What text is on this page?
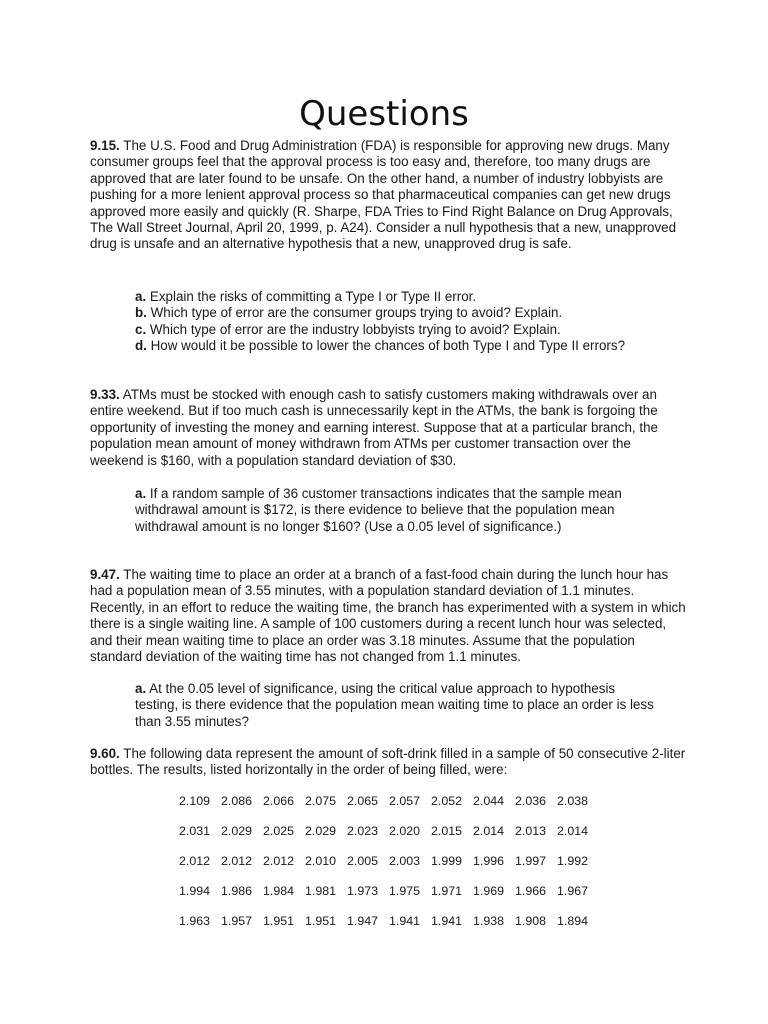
Questions

9.15. The U.S. Food and Drug Administration (FDA) is responsible for approving new drugs. Many consumer groups feel that the approval process is too easy and, therefore, too many drugs are approved that are later found to be unsafe. On the other hand, a number of industry lobbyists are pushing for a more lenient approval process so that pharmaceutical companies can get new drugs approved more easily and quickly (R. Sharpe, FDA Tries to Find Right Balance on Drug Approvals, The Wall Street Journal, April 20, 1999, p. A24). Consider a null hypothesis that a new, unapproved drug is unsafe and an alternative hypothesis that a new, unapproved drug is safe.

a. Explain the risks of committing a Type I or Type II error.
b. Which type of error are the consumer groups trying to avoid? Explain.
c. Which type of error are the industry lobbyists trying to avoid? Explain.
d. How would it be possible to lower the chances of both Type I and Type II errors?

9.33. ATMs must be stocked with enough cash to satisfy customers making withdrawals over an entire weekend. But if too much cash is unnecessarily kept in the ATMs, the bank is forgoing the opportunity of investing the money and earning interest. Suppose that at a particular branch, the population mean amount of money withdrawn from ATMs per customer transaction over the weekend is $160, with a population standard deviation of $30.

a. If a random sample of 36 customer transactions indicates that the sample mean withdrawal amount is $172, is there evidence to believe that the population mean withdrawal amount is no longer $160? (Use a 0.05 level of significance.)

9.47. The waiting time to place an order at a branch of a fast-food chain during the lunch hour has had a population mean of 3.55 minutes, with a population standard deviation of 1.1 minutes. Recently, in an effort to reduce the waiting time, the branch has experimented with a system in which there is a single waiting line. A sample of 100 customers during a recent lunch hour was selected, and their mean waiting time to place an order was 3.18 minutes. Assume that the population standard deviation of the waiting time has not changed from 1.1 minutes.

a. At the 0.05 level of significance, using the critical value approach to hypothesis testing, is there evidence that the population mean waiting time to place an order is less than 3.55 minutes?

9.60. The following data represent the amount of soft-drink filled in a sample of 50 consecutive 2-liter bottles. The results, listed horizontally in the order of being filled, were:

2.109	2.086	2.066	2.075	2.065	2.057	2.052	2.044	2.036	2.038
2.031	2.029	2.025	2.029	2.023	2.020	2.015	2.014	2.013	2.014
2.012	2.012	2.012	2.010	2.005	2.003	1.999	1.996	1.997	1.992
1.994	1.986	1.984	1.981	1.973	1.975	1.971	1.969	1.966	1.967
1.963	1.957	1.951	1.951	1.947	1.941	1.941	1.938	1.908	1.894
